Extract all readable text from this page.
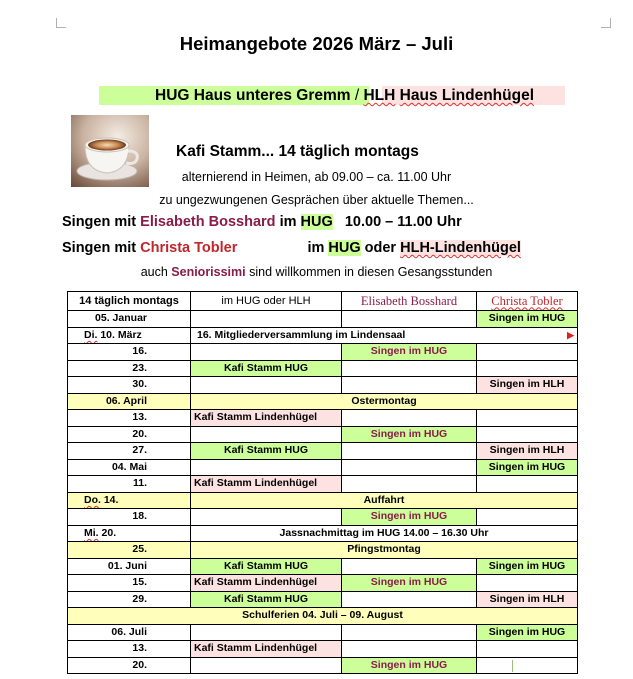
Heimangebote 2026 März – Juli
HUG Haus unteres Gremm / HLH Haus Lindenhügel
Kafi Stamm... 14 täglich montags
alternierend in Heimen, ab 09.00 – ca. 11.00 Uhr
zu ungezwungenen Gesprächen über aktuelle Themen...
Singen mit Elisabeth Bosshard im HUG 10.00 – 11.00 Uhr
Singen mit Christa Tobler	im HUG oder HLH-Lindenhügel
auch Seniorissimi sind willkommen in diesen Gesangsstunden
14 täglich montags	im HUG oder HLH	Elisabeth Bosshard	Christa Tobler
05. Januar			Singen im HUG
Di. 10. März	16. Mitgliederversammlung im Lindensaal ▶		

16.		Singen im HUG	
23.	Kafi Stamm HUG		
30.			Singen im HLH
06. April	Ostermontag		
13.	Kafi Stamm Lindenhügel		
20.		Singen im HUG	
27.	Kafi Stamm HUG		Singen im HLH
04. Mai			Singen im HUG
11.	Kafi Stamm Lindenhügel		
Do. 14.	Auffahrt		
18.		Singen im HUG	
Mi. 20.	Jassnachmittag im HUG 14.00 – 16.30 Uhr		
25.	Pfingstmontag		
01. Juni	Kafi Stamm HUG		Singen im HUG
15.	Kafi Stamm Lindenhügel	Singen im HUG	
29.	Kafi Stamm HUG		Singen im HLH
Schulferien 04. Juli – 09. August			
06. Juli			Singen im HUG
13.	Kafi Stamm Lindenhügel		
20.		Singen im HUG	
